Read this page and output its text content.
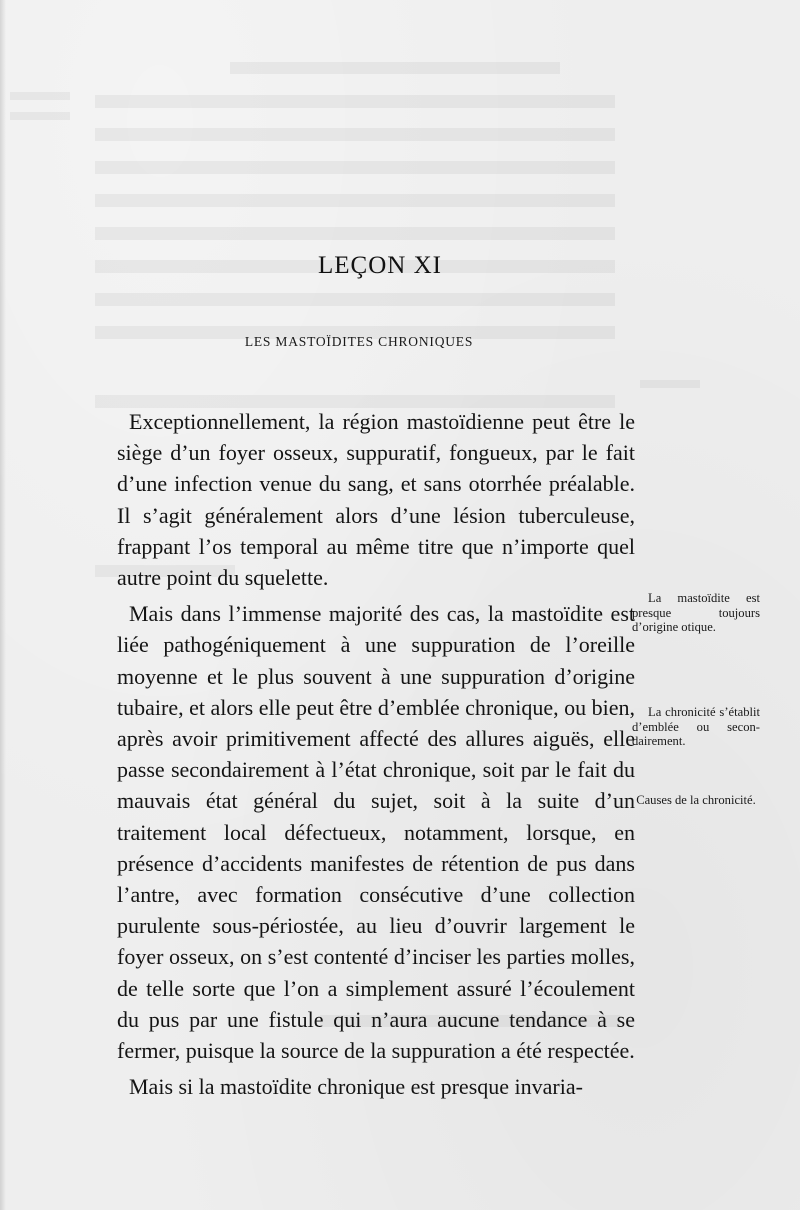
LEÇON XI
LES MASTOÏDITES CHRONIQUES

Exceptionnellement, la région mastoïdienne peut être le siège d’un foyer osseux, suppuratif, fongueux, par le fait d’une infection venue du sang, et sans otorrhée préalable. Il s’agit généralement alors d’une lésion tuberculeuse, frappant l’os temporal au même titre que n’importe quel autre point du squelette.

Mais dans l’immense majorité des cas, la mastoïdite est liée pathogéniquement à une suppuration de l’oreille moyenne et le plus souvent à une suppuration d’origine tubaire, et alors elle peut être d’emblée chronique, ou bien, après avoir primitivement affecté des allures aiguës, elle passe secondairement à l’état chronique, soit par le fait du mauvais état général du sujet, soit à la suite d’un traitement local défectueux, notamment, lorsque, en présence d’accidents manifestes de rétention de pus dans l’antre, avec formation consécutive d’une collection purulente sous-périostée, au lieu d’ouvrir largement le foyer osseux, on s’est contenté d’inciser les parties molles, de telle sorte que l’on a simplement assuré l’écoulement du pus par une fistule qui n’aura aucune tendance à se fermer, puisque la source de la suppuration a été respectée.

Mais si la mastoïdite chronique est presque invaria-

La mastoïdite est presque toujours d’origine otique.
La chronicité s’établit d’emblée ou secondairement.
Causes de la chronicité.
